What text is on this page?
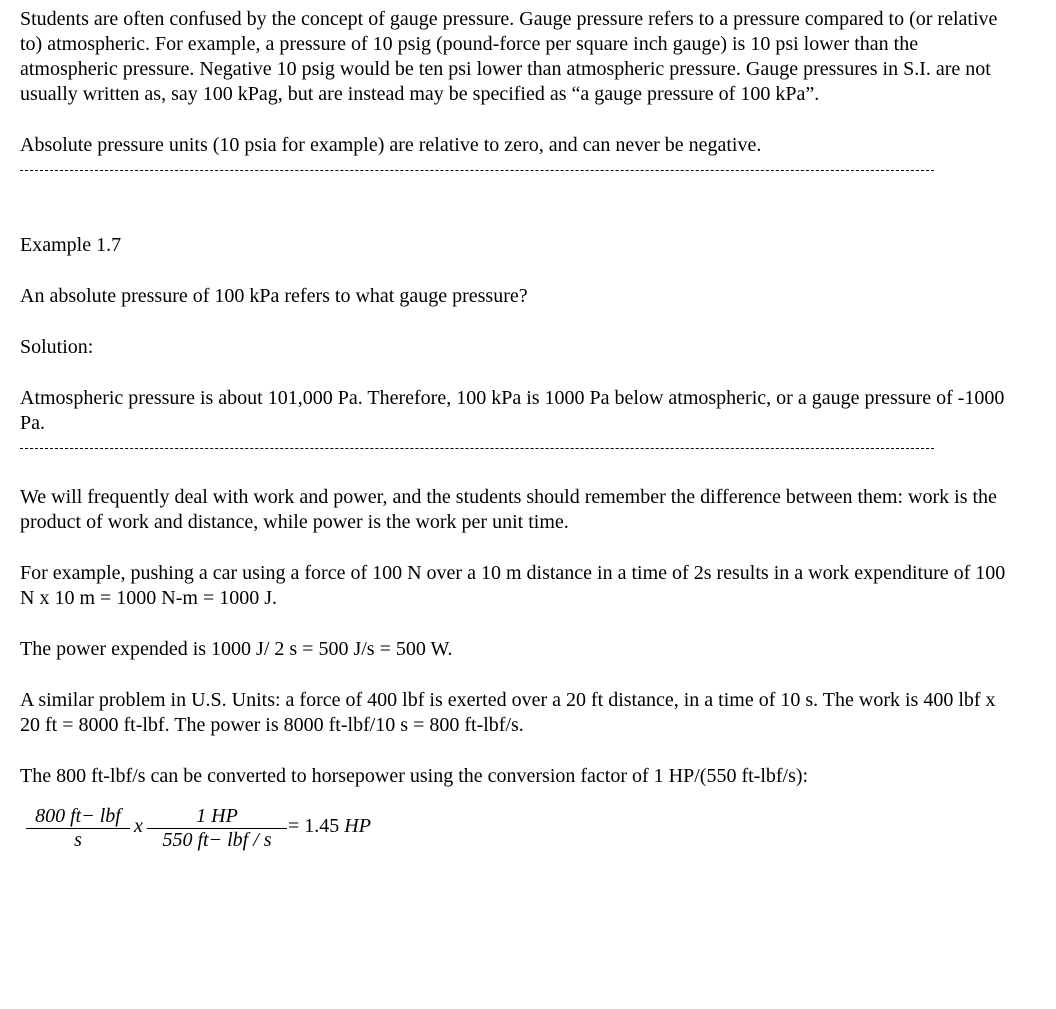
Students are often confused by the concept of gauge pressure. Gauge pressure refers to a pressure compared to (or relative to) atmospheric. For example, a pressure of 10 psig (pound-force per square inch gauge) is 10 psi lower than the atmospheric pressure. Negative 10 psig would be ten psi lower than atmospheric pressure. Gauge pressures in S.I. are not usually written as, say 100 kPag, but are instead may be specified as “a gauge pressure of 100 kPa”.

Absolute pressure units (10 psia for example) are relative to zero, and can never be negative.

Example 1.7

An absolute pressure of 100 kPa refers to what gauge pressure?

Solution:

Atmospheric pressure is about 101,000 Pa. Therefore, 100 kPa is 1000 Pa below atmospheric, or a gauge pressure of -1000 Pa.

We will frequently deal with work and power, and the students should remember the difference between them: work is the product of work and distance, while power is the work per unit time.

For example, pushing a car using a force of 100 N over a 10 m distance in a time of 2s results in a work expenditure of 100 N x 10 m = 1000 N-m = 1000 J.

The power expended is 1000 J/ 2 s = 500 J/s = 500 W.

A similar problem in U.S. Units: a force of 400 lbf is exerted over a 20 ft distance, in a time of 10 s. The work is 400 lbf x 20 ft = 8000 ft-lbf. The power is 8000 ft-lbf/10 s = 800 ft-lbf/s.

The 800 ft-lbf/s can be converted to horsepower using the conversion factor of 1 HP/(550 ft-lbf/s):

800 ft− lbf
s
x	1 HP
550 ft− lbf / s
= 1.45 HP
